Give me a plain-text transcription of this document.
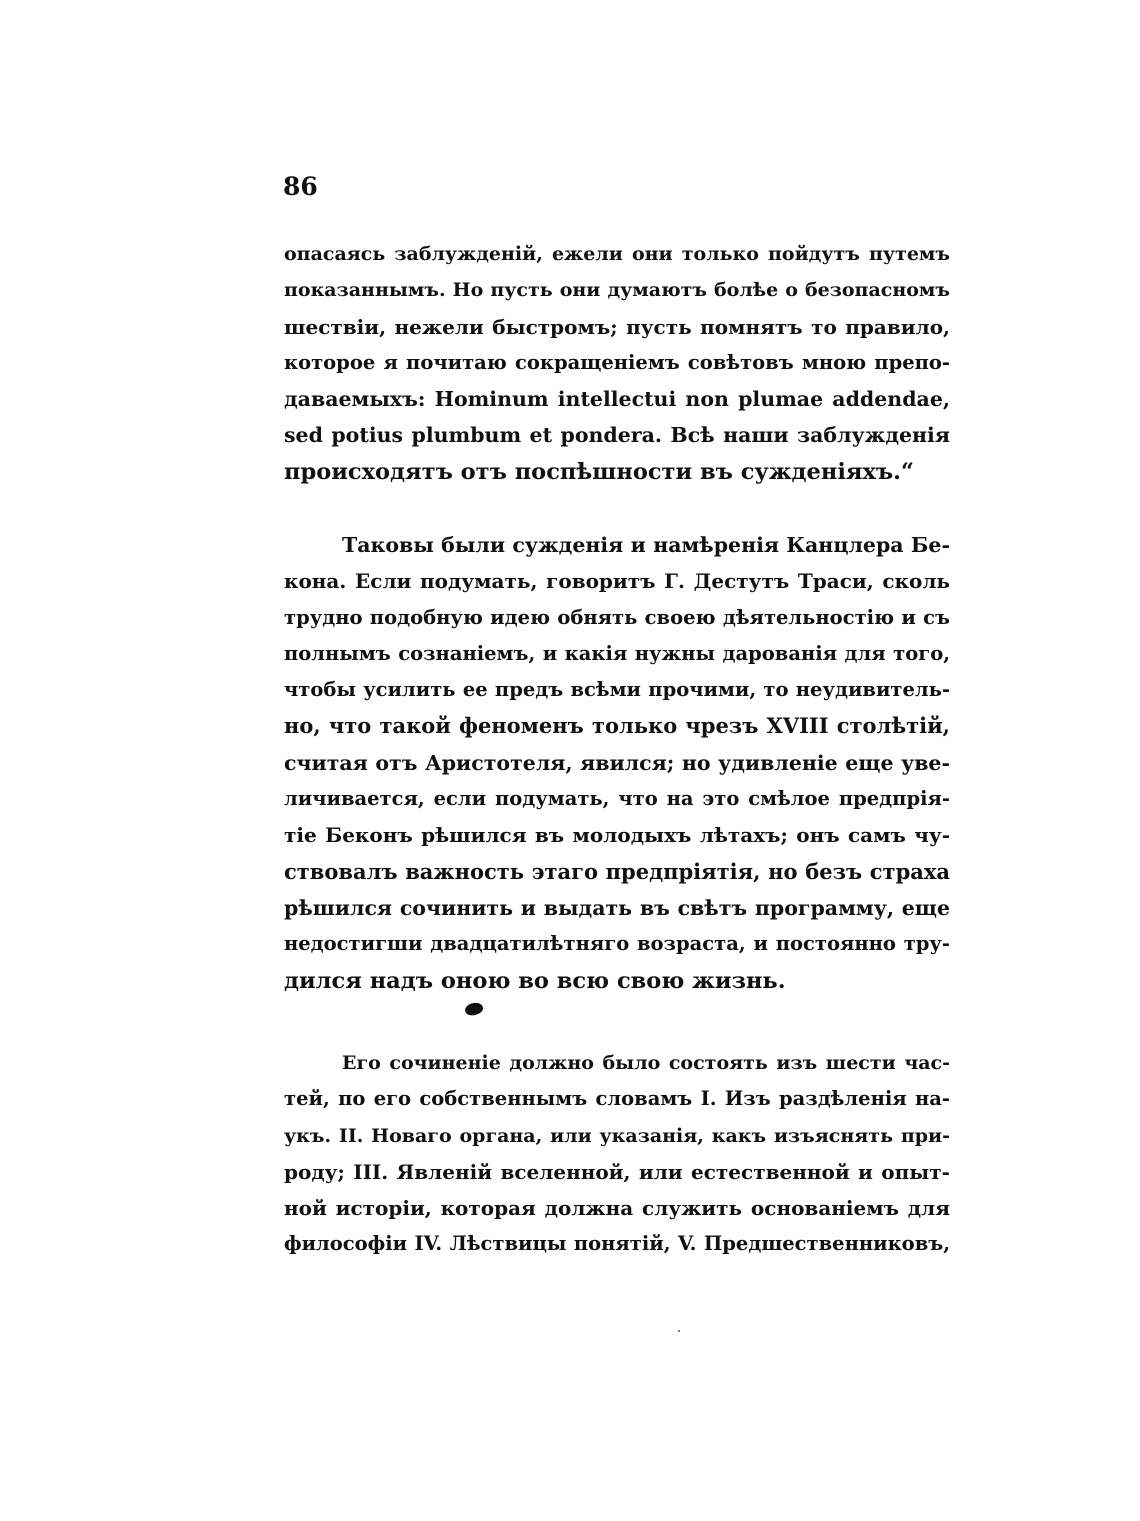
86
опасаясь заблужденій, ежели они только пойдутъ путемъ
показаннымъ. Но пусть они думаютъ болѣе о безопасномъ
шествіи, нежели быстромъ; пусть помнятъ то правило,
которое я почитаю сокращеніемъ совѣтовъ мною препо-
даваемыхъ: Hominum intellectui non plumae addendae,
sed potius plumbum et pondera. Всѣ наши заблужденія
происходятъ отъ поспѣшности въ сужденіяхъ.“
Таковы были сужденія и намѣренія Канцлера Бе-
кона. Если подумать, говоритъ Г. Дестутъ Траси, сколь
трудно подобную идею обнять своею дѣятельностію и съ
полнымъ сознаніемъ, и какія нужны дарованія для того,
чтобы усилить ее предъ всѣми прочими, то неудивитель-
но, что такой феноменъ только чрезъ XVIII столѣтій,
считая отъ Аристотеля, явился; но удивленіе еще уве-
личивается, если подумать, что на это смѣлое предпрія-
тіе Беконъ рѣшился въ молодыхъ лѣтахъ; онъ самъ чу-
ствовалъ важность этаго предпріятія, но безъ страха
рѣшился сочинить и выдать въ свѣтъ программу, еще
недостигши двадцатилѣтняго возраста, и постоянно тру-
дился надъ оною во всю свою жизнь.
Его сочиненіе должно было состоять изъ шести час-
тей, по его собственнымъ словамъ I. Изъ раздѣленія на-
укъ. II. Новаго органа, или указанія, какъ изъяснять при-
роду; III. Явленій вселенной, или естественной и опыт-
ной исторіи, которая должна служить основаніемъ для
философіи IV. Лѣствицы понятій, V. Предшественниковъ,
